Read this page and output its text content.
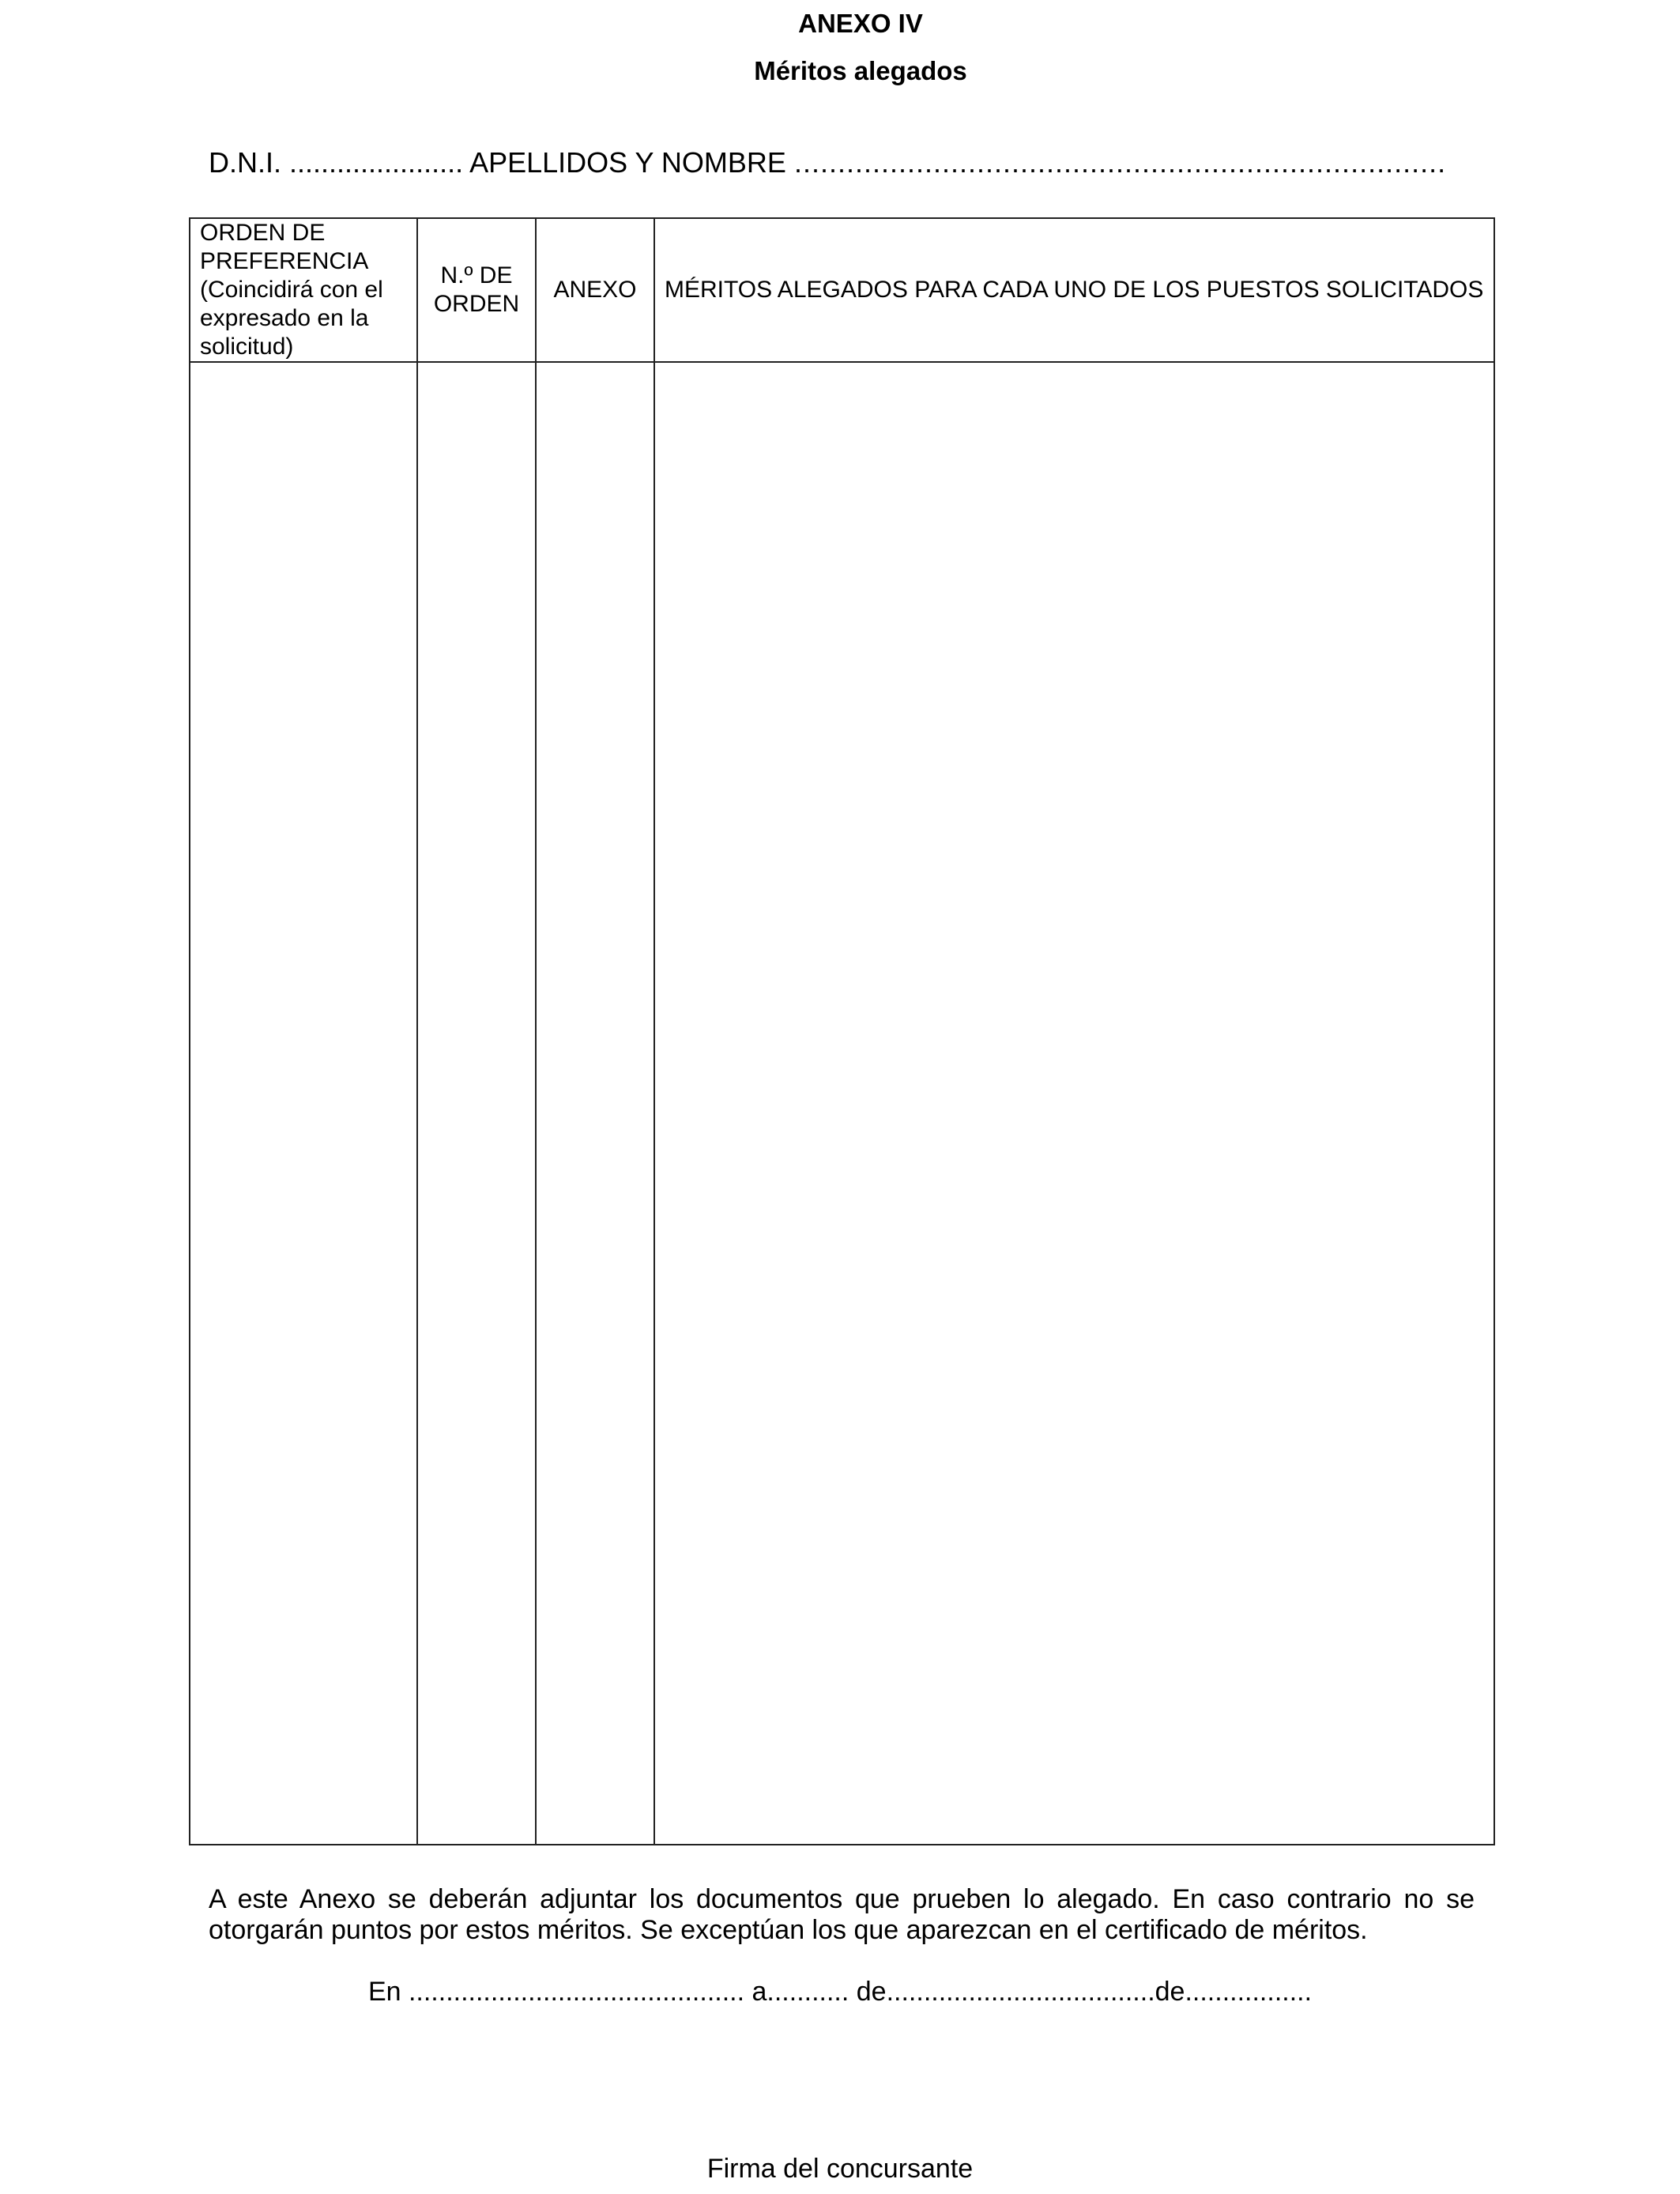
ANEXO IV
Méritos alegados
D.N.I. ...................... APELLIDOS Y NOMBRE ...........................................................................
ORDEN DE PREFERENCIA (Coincidirá con el expresado en la solicitud)	N.º DE ORDEN	ANEXO	MÉRITOS ALEGADOS PARA CADA UNO DE LOS PUESTOS SOLICITADOS

A este Anexo se deberán adjuntar los documentos que prueben lo alegado. En caso contrario no se otorgarán puntos por estos méritos. Se exceptúan los que aparezcan en el certificado de méritos.
En ............................................. a........... de....................................de.................
Firma del concursante
